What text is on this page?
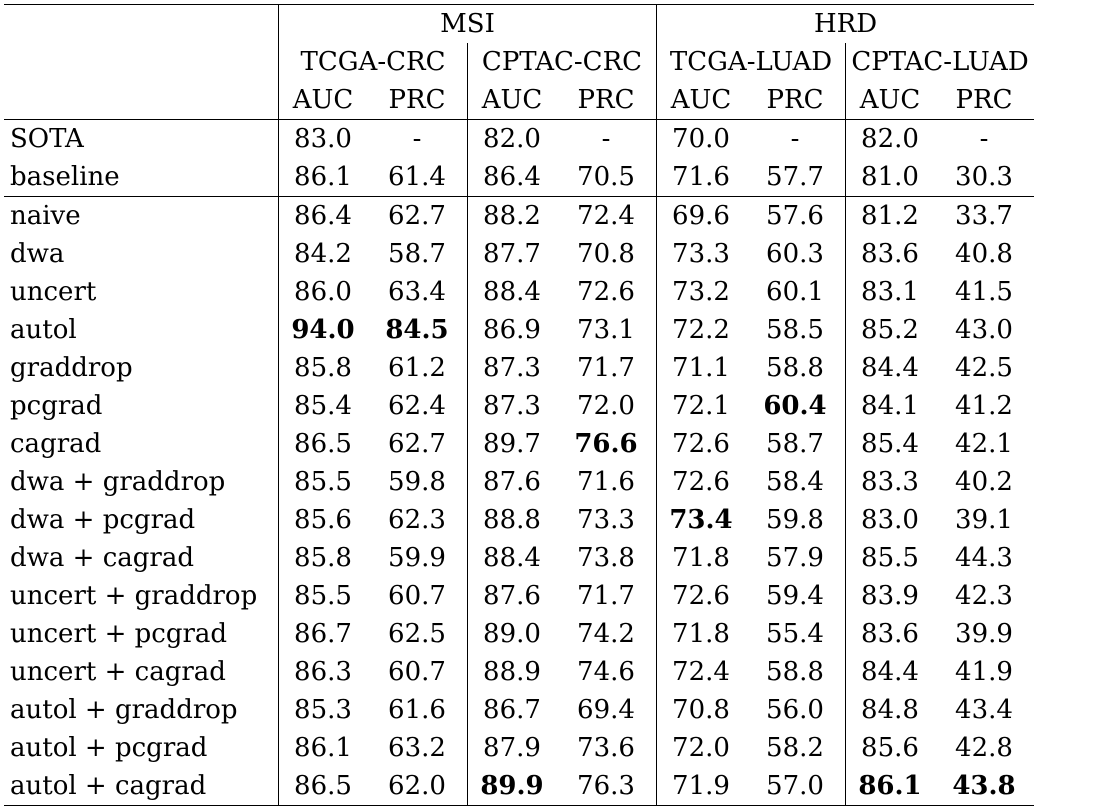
	MSI				HRD			
	TCGA-CRC		CPTAC-CRC		TCGA-LUAD		CPTAC-LUAD	
	AUC	PRC	AUC	PRC	AUC	PRC	AUC	PRC
SOTA	83.0	-	82.0	-	70.0	-	82.0	-
baseline	86.1	61.4	86.4	70.5	71.6	57.7	81.0	30.3
naive	86.4	62.7	88.2	72.4	69.6	57.6	81.2	33.7
dwa	84.2	58.7	87.7	70.8	73.3	60.3	83.6	40.8
uncert	86.0	63.4	88.4	72.6	73.2	60.1	83.1	41.5
autol	94.0	84.5	86.9	73.1	72.2	58.5	85.2	43.0
graddrop	85.8	61.2	87.3	71.7	71.1	58.8	84.4	42.5
pcgrad	85.4	62.4	87.3	72.0	72.1	60.4	84.1	41.2
cagrad	86.5	62.7	89.7	76.6	72.6	58.7	85.4	42.1
dwa + graddrop	85.5	59.8	87.6	71.6	72.6	58.4	83.3	40.2
dwa + pcgrad	85.6	62.3	88.8	73.3	73.4	59.8	83.0	39.1
dwa + cagrad	85.8	59.9	88.4	73.8	71.8	57.9	85.5	44.3
uncert + graddrop	85.5	60.7	87.6	71.7	72.6	59.4	83.9	42.3
uncert + pcgrad	86.7	62.5	89.0	74.2	71.8	55.4	83.6	39.9
uncert + cagrad	86.3	60.7	88.9	74.6	72.4	58.8	84.4	41.9
autol + graddrop	85.3	61.6	86.7	69.4	70.8	56.0	84.8	43.4
autol + pcgrad	86.1	63.2	87.9	73.6	72.0	58.2	85.6	42.8
autol + cagrad	86.5	62.0	89.9	76.3	71.9	57.0	86.1	43.8
